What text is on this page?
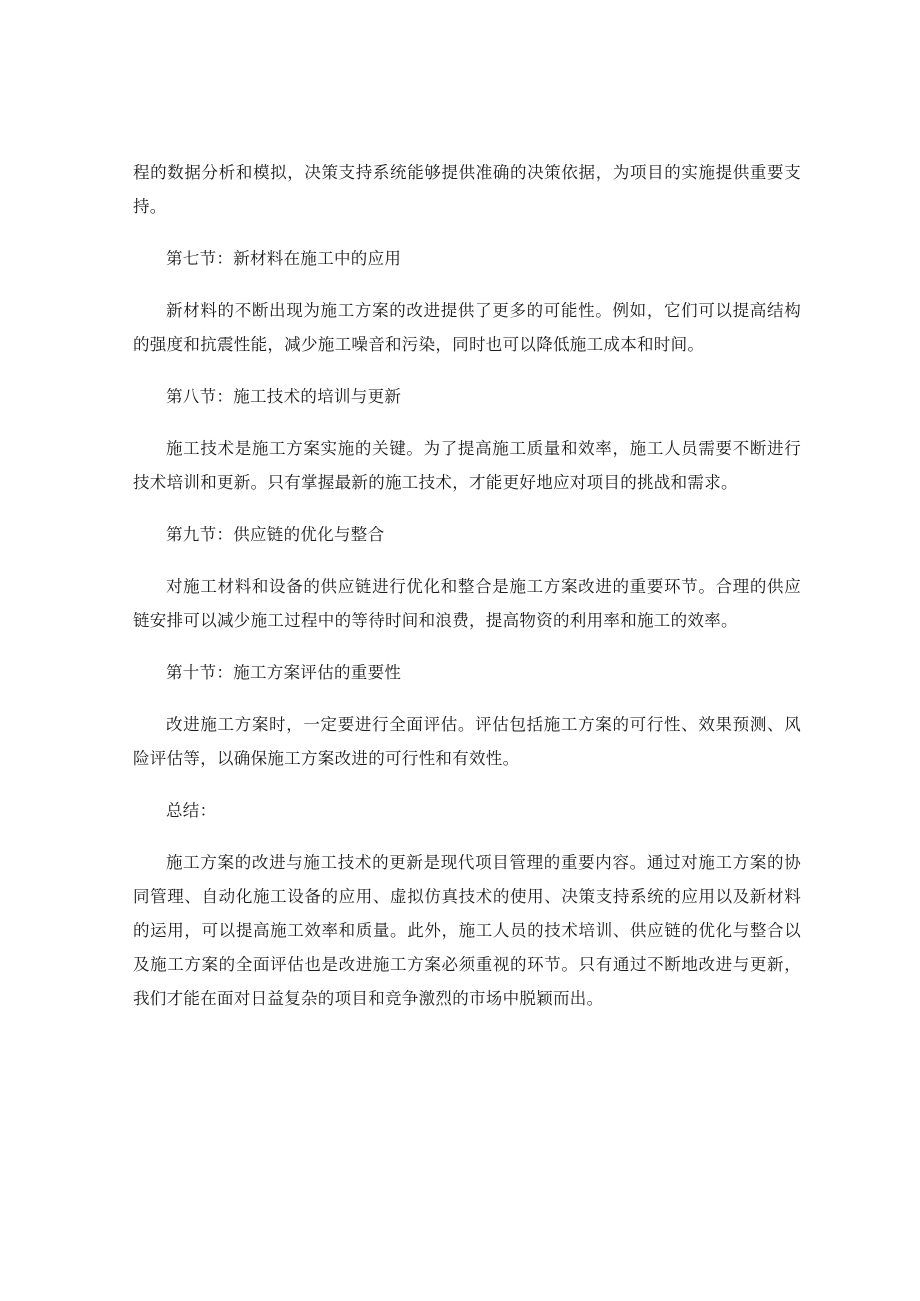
程的数据分析和模拟，决策支持系统能够提供准确的决策依据，为项目的实施提供重要支持。

第七节：新材料在施工中的应用

新材料的不断出现为施工方案的改进提供了更多的可能性。例如，它们可以提高结构的强度和抗震性能，减少施工噪音和污染，同时也可以降低施工成本和时间。

第八节：施工技术的培训与更新

施工技术是施工方案实施的关键。为了提高施工质量和效率，施工人员需要不断进行技术培训和更新。只有掌握最新的施工技术，才能更好地应对项目的挑战和需求。

第九节：供应链的优化与整合

对施工材料和设备的供应链进行优化和整合是施工方案改进的重要环节。合理的供应链安排可以减少施工过程中的等待时间和浪费，提高物资的利用率和施工的效率。

第十节：施工方案评估的重要性

改进施工方案时，一定要进行全面评估。评估包括施工方案的可行性、效果预测、风险评估等，以确保施工方案改进的可行性和有效性。

总结：

施工方案的改进与施工技术的更新是现代项目管理的重要内容。通过对施工方案的协同管理、自动化施工设备的应用、虚拟仿真技术的使用、决策支持系统的应用以及新材料的运用，可以提高施工效率和质量。此外，施工人员的技术培训、供应链的优化与整合以及施工方案的全面评估也是改进施工方案必须重视的环节。只有通过不断地改进与更新，我们才能在面对日益复杂的项目和竞争激烈的市场中脱颖而出。
